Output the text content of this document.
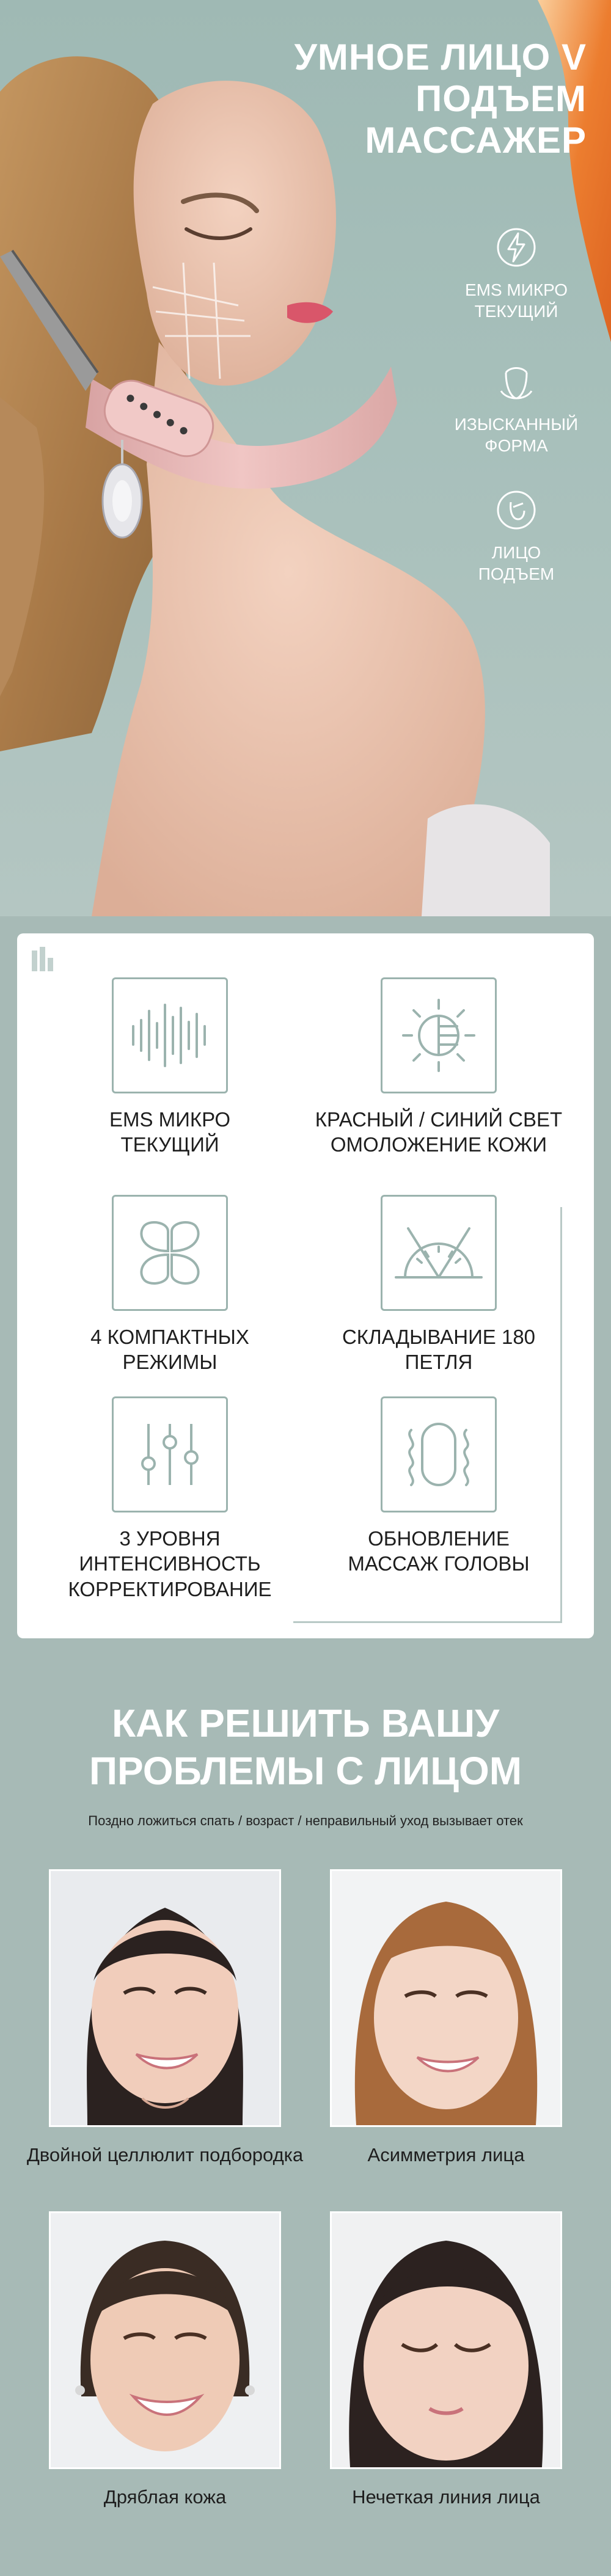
УМНОЕ ЛИЦО V
ПОДЪЕМ
МАССАЖЕР
EMS МИКРО
ТЕКУЩИЙ
ИЗЫСКАННЫЙ
ФОРМА
ЛИЦО
ПОДЪЕМ
EMS МИКРО
ТЕКУЩИЙ
КРАСНЫЙ / СИНИЙ СВЕТ
ОМОЛОЖЕНИЕ КОЖИ
4 КОМПАКТНЫХ
РЕЖИМЫ
СКЛАДЫВАНИЕ 180
ПЕТЛЯ
3 УРОВНЯ
ИНТЕНСИВНОСТЬ
КОРРЕКТИРОВАНИЕ
ОБНОВЛЕНИЕ
МАССАЖ ГОЛОВЫ
КАК РЕШИТЬ ВАШУ
ПРОБЛЕМЫ С ЛИЦОМ

Поздно ложиться спать / возраст / неправильный уход вызывает отек

Двойной целлюлит подбородка	Асимметрия лица
Дряблая кожа	Нечеткая линия лица
